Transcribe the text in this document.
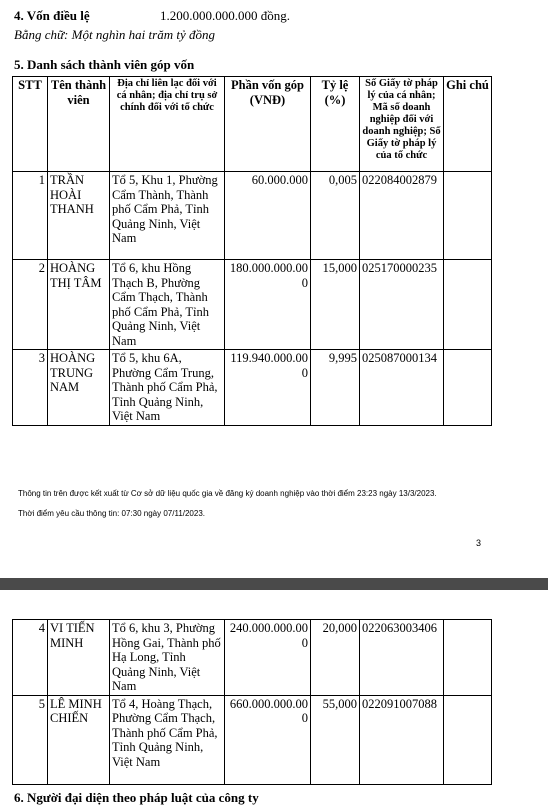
4. Vốn điều lệ	1.200.000.000.000 đồng.
Bằng chữ: Một nghìn hai trăm tỷ đồng
5. Danh sách thành viên góp vốn
STT	Tên thành viên	Địa chỉ liên lạc đối với cá nhân; địa chỉ trụ sở chính đối với tổ chức	Phần vốn góp (VNĐ)	Tỷ lệ (%)	Số Giấy tờ pháp lý của cá nhân; Mã số doanh nghiệp đối với doanh nghiệp; Số Giấy tờ pháp lý của tổ chức	Ghi chú
1	TRẦN HOÀI THANH	Tổ 5, Khu 1, Phường Cẩm Thành, Thành phố Cẩm Phả, Tỉnh Quảng Ninh, Việt Nam	60.000.000	0,005	022084002879	
2	HOÀNG THỊ TÂM	Tổ 6, khu Hồng Thạch B, Phường Cẩm Thạch, Thành phố Cẩm Phả, Tỉnh Quảng Ninh, Việt Nam	180.000.000.000	15,000	025170000235	
3	HOÀNG TRUNG NAM	Tổ 5, khu 6A, Phường Cẩm Trung, Thành phố Cẩm Phả, Tỉnh Quảng Ninh, Việt Nam	119.940.000.000	9,995	025087000134	
Thông tin trên được kết xuất từ Cơ sở dữ liệu quốc gia về đăng ký doanh nghiệp vào thời điểm 23:23 ngày 13/3/2023.
Thời điểm yêu cầu thông tin: 07:30 ngày 07/11/2023.
3
4	VI TIẾN MINH	Tổ 6, khu 3, Phường Hồng Gai, Thành phố Hạ Long, Tỉnh Quảng Ninh, Việt Nam	240.000.000.000	20,000	022063003406	
5	LÊ MINH CHIẾN	Tổ 4, Hoàng Thạch, Phường Cẩm Thạch, Thành phố Cẩm Phả, Tỉnh Quảng Ninh, Việt Nam	660.000.000.000	55,000	022091007088	
6. Người đại diện theo pháp luật của công ty
